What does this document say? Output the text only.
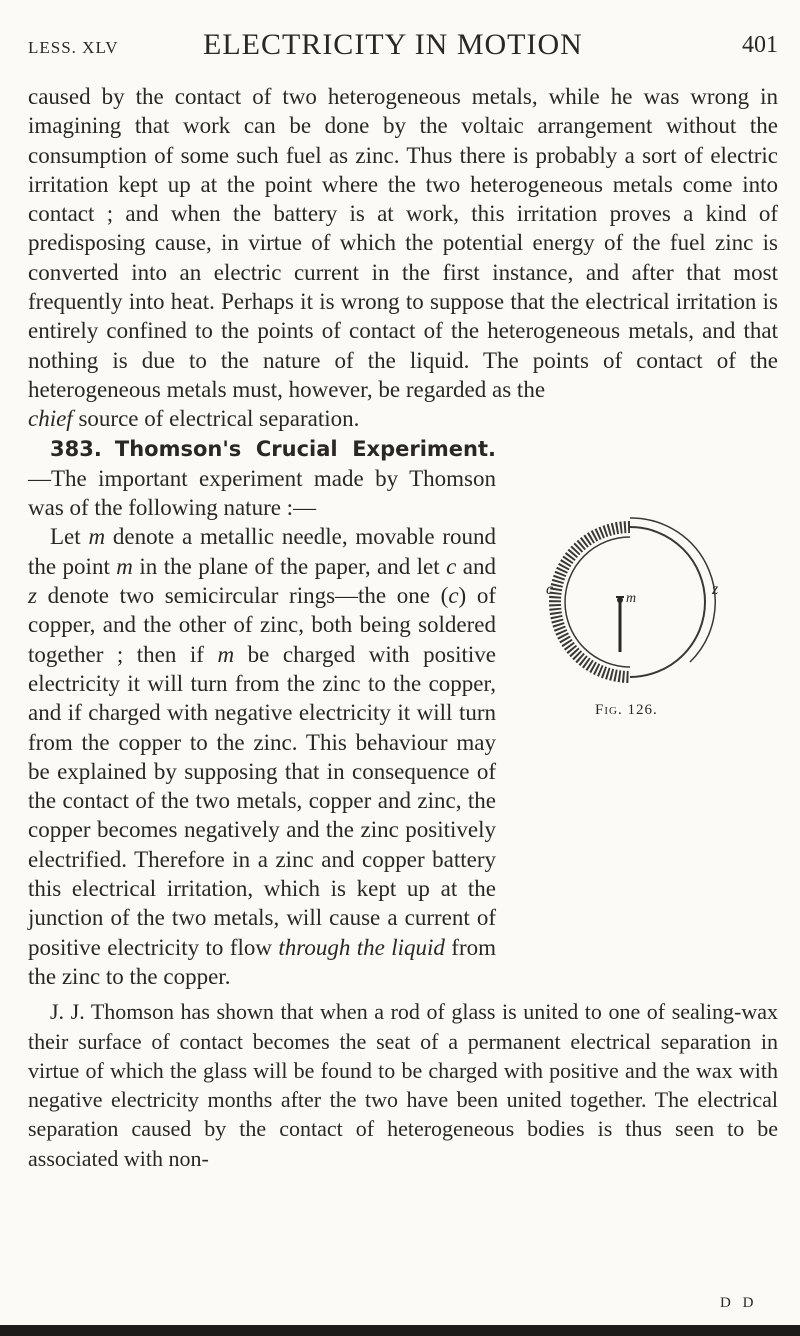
LESS. XLV	ELECTRICITY IN MOTION	401

caused by the contact of two heterogeneous metals, while he was wrong in imagining that work can be done by the voltaic arrangement without the consumption of some such fuel as zinc. Thus there is probably a sort of electric irritation kept up at the point where the two heterogeneous metals come into contact ; and when the battery is at work, this irritation proves a kind of predisposing cause, in virtue of which the potential energy of the fuel zinc is converted into an electric current in the first instance, and after that most frequently into heat. Perhaps it is wrong to suppose that the electrical irritation is entirely confined to the points of contact of the heterogeneous metals, and that nothing is due to the nature of the liquid. The points of contact of the heterogeneous metals must, however, be regarded as the

chief source of electrical separation.

383. Thomson's Crucial Experiment.—The important experiment made by Thomson was of the following nature :—

Let m denote a metallic needle, movable round the point m in the plane of the paper, and let c and z denote two semicircular rings—the one (c) of copper, and the other of zinc, both being soldered together ; then if m be charged with positive electricity it will turn from the zinc to the copper, and if charged with negative electricity it will turn from the copper to the zinc. This behaviour may be explained by supposing that in consequence of the contact of the two metals, copper and zinc, the copper becomes negatively and the zinc positively electrified. Therefore in a zinc and copper battery this electrical irritation, which is kept up at the junction of the two metals, will cause a current of positive electricity to flow through the liquid from the zinc to the copper.

J. J. Thomson has shown that when a rod of glass is united to one of sealing-wax their surface of contact becomes the seat of a permanent electrical separation in virtue of which the glass will be found to be charged with positive and the wax with negative electricity months after the two have been united together. The electrical separation caused by the contact of heterogeneous bodies is thus seen to be associated with non-

c	z
m
Fig. 126.
D D
